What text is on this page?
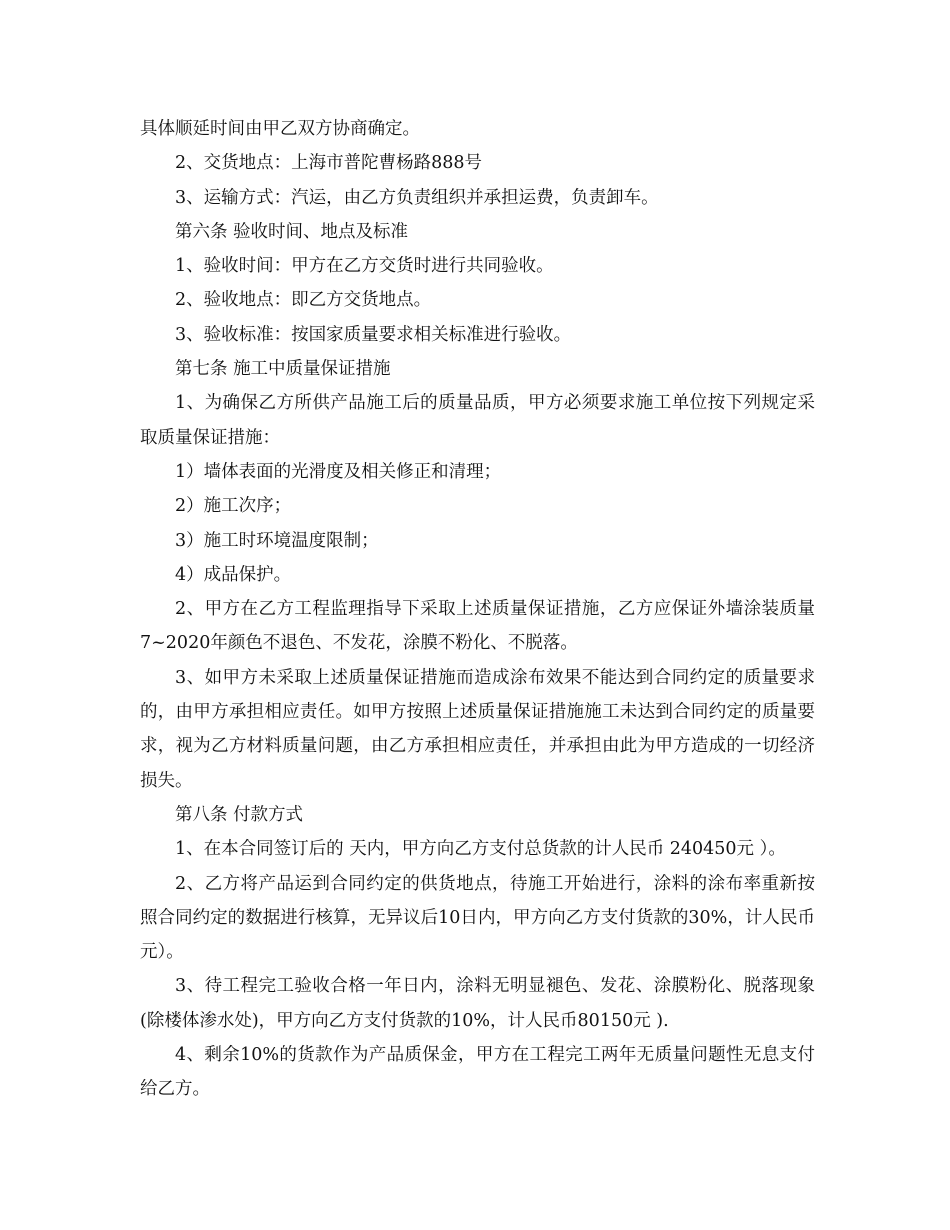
具体顺延时间由甲乙双方协商确定。

2、交货地点：上海市普陀曹杨路888号

3、运输方式：汽运，由乙方负责组织并承担运费，负责卸车。

第六条 验收时间、地点及标准

1、验收时间：甲方在乙方交货时进行共同验收。

2、验收地点：即乙方交货地点。

3、验收标准：按国家质量要求相关标准进行验收。

第七条 施工中质量保证措施

1、为确保乙方所供产品施工后的质量品质，甲方必须要求施工单位按下列规定采取质量保证措施：

1）墙体表面的光滑度及相关修正和清理；

2）施工次序；

3）施工时环境温度限制；

4）成品保护。

2、甲方在乙方工程监理指导下采取上述质量保证措施，乙方应保证外墙涂装质量7~2020年颜色不退色、不发花，涂膜不粉化、不脱落。

3、如甲方未采取上述质量保证措施而造成涂布效果不能达到合同约定的质量要求的，由甲方承担相应责任。如甲方按照上述质量保证措施施工未达到合同约定的质量要求，视为乙方材料质量问题，由乙方承担相应责任，并承担由此为甲方造成的一切经济损失。

第八条 付款方式

1、在本合同签订后的 天内，甲方向乙方支付总货款的计人民币 240450元 ）。

2、乙方将产品运到合同约定的供货地点，待施工开始进行，涂料的涂布率重新按照合同约定的数据进行核算，无异议后10日内，甲方向乙方支付货款的30%，计人民币元）。

3、待工程完工验收合格一年日内，涂料无明显褪色、发花、涂膜粉化、脱落现象(除楼体渗水处)，甲方向乙方支付货款的10%，计人民币80150元 ).

4、剩余10%的货款作为产品质保金，甲方在工程完工两年无质量问题性无息支付给乙方。
